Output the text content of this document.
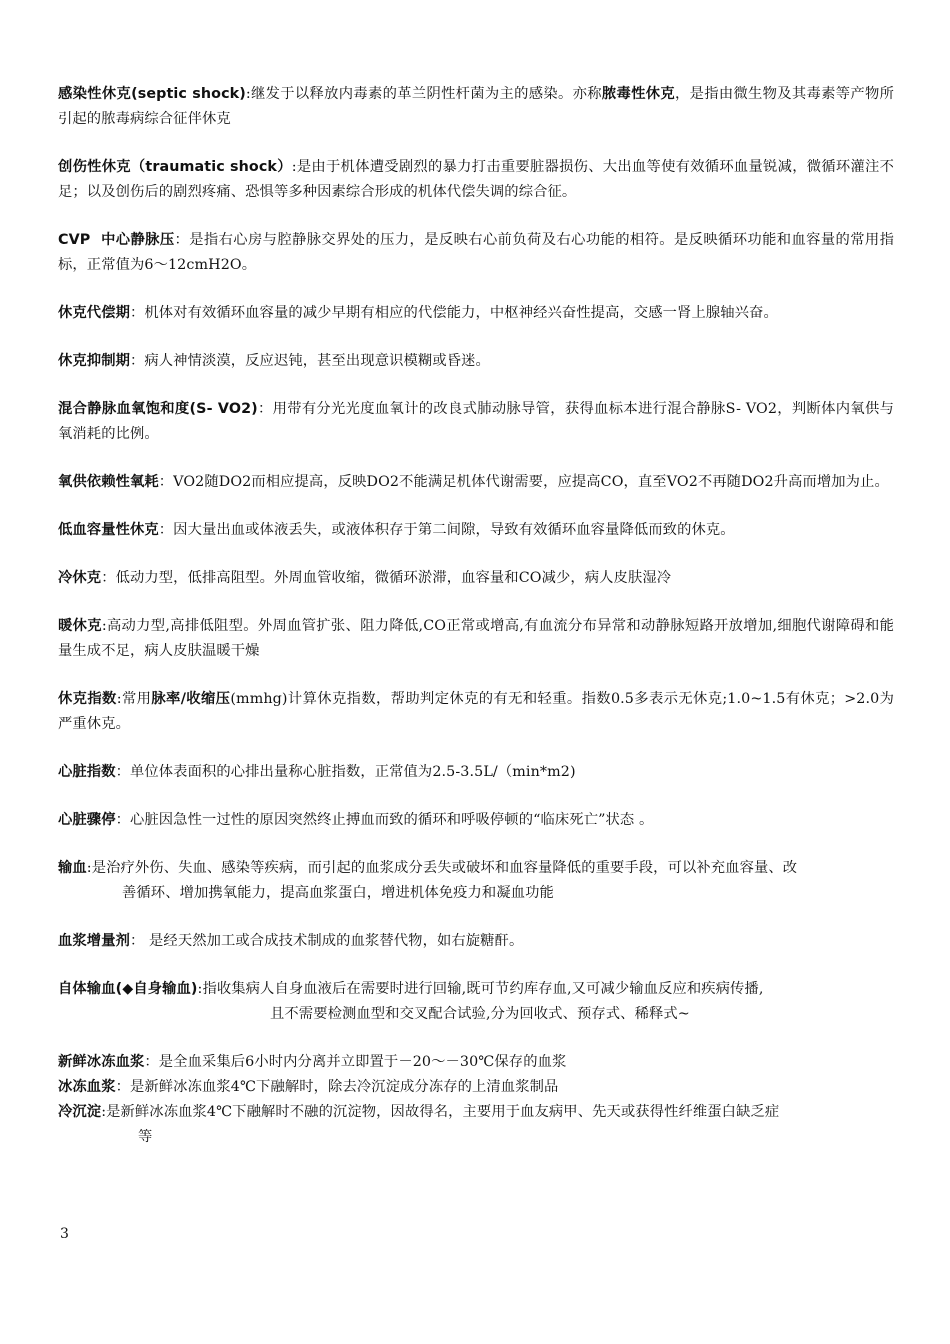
感染性休克(septic shock):继发于以释放内毒素的革兰阴性杆菌为主的感染。亦称脓毒性休克，是指由微生物及其毒素等产物所引起的脓毒病综合征伴休克

创伤性休克（traumatic shock）:是由于机体遭受剧烈的暴力打击重要脏器损伤、大出血等使有效循环血量锐减，微循环灌注不足；以及创伤后的剧烈疼痛、恐惧等多种因素综合形成的机体代偿失调的综合征。

CVP  中心静脉压：是指右心房与腔静脉交界处的压力，是反映右心前负荷及右心功能的相符。是反映循环功能和血容量的常用指标，正常值为6～12cmH2O。

休克代偿期：机体对有效循环血容量的减少早期有相应的代偿能力，中枢神经兴奋性提高，交感一肾上腺轴兴奋。

休克抑制期：病人神情淡漠，反应迟钝，甚至出现意识模糊或昏迷。

混合静脉血氧饱和度(S- VO2)：用带有分光光度血氧计的改良式肺动脉导管，获得血标本进行混合静脉S- VO2，判断体内氧供与氧消耗的比例。

氧供依赖性氧耗：VO2随DO2而相应提高，反映DO2不能满足机体代谢需要，应提高CO，直至VO2不再随DO2升高而增加为止。

低血容量性休克：因大量出血或体液丢失，或液体积存于第二间隙，导致有效循环血容量降低而致的休克。

冷休克：低动力型，低排高阻型。外周血管收缩，微循环淤滞，血容量和CO减少，病人皮肤湿冷

暖休克:高动力型,高排低阻型。外周血管扩张、阻力降低,CO正常或增高,有血流分布异常和动静脉短路开放增加,细胞代谢障碍和能量生成不足，病人皮肤温暖干燥

休克指数:常用脉率/收缩压(mmhg)计算休克指数，帮助判定休克的有无和轻重。指数0.5多表示无休克;1.0~1.5有休克；>2.0为严重休克。

心脏指数：单位体表面积的心排出量称心脏指数，正常值为2.5-3.5L/（min*m2)

心脏骤停：心脏因急性一过性的原因突然终止搏血而致的循环和呼吸停顿的“临床死亡”状态 。

输血:是治疗外伤、失血、感染等疾病，而引起的血浆成分丢失或破坏和血容量降低的重要手段，可以补充血容量、改
善循环、增加携氧能力，提高血浆蛋白，增进机体免疫力和凝血功能

血浆增量剂： 是经天然加工或合成技术制成的血浆替代物，如右旋糖酐。

自体输血(◆自身输血):指收集病人自身血液后在需要时进行回输,既可节约库存血,又可减少输血反应和疾病传播,
且不需要检测血型和交叉配合试验,分为回收式、预存式、稀释式~

新鲜冰冻血浆：是全血采集后6小时内分离并立即置于－20～－30℃保存的血浆

冰冻血浆：是新鲜冰冻血浆4℃下融解时，除去冷沉淀成分冻存的上清血浆制品

冷沉淀:是新鲜冰冻血浆4℃下融解时不融的沉淀物，因故得名，主要用于血友病甲、先天或获得性纤维蛋白缺乏症
等

3
